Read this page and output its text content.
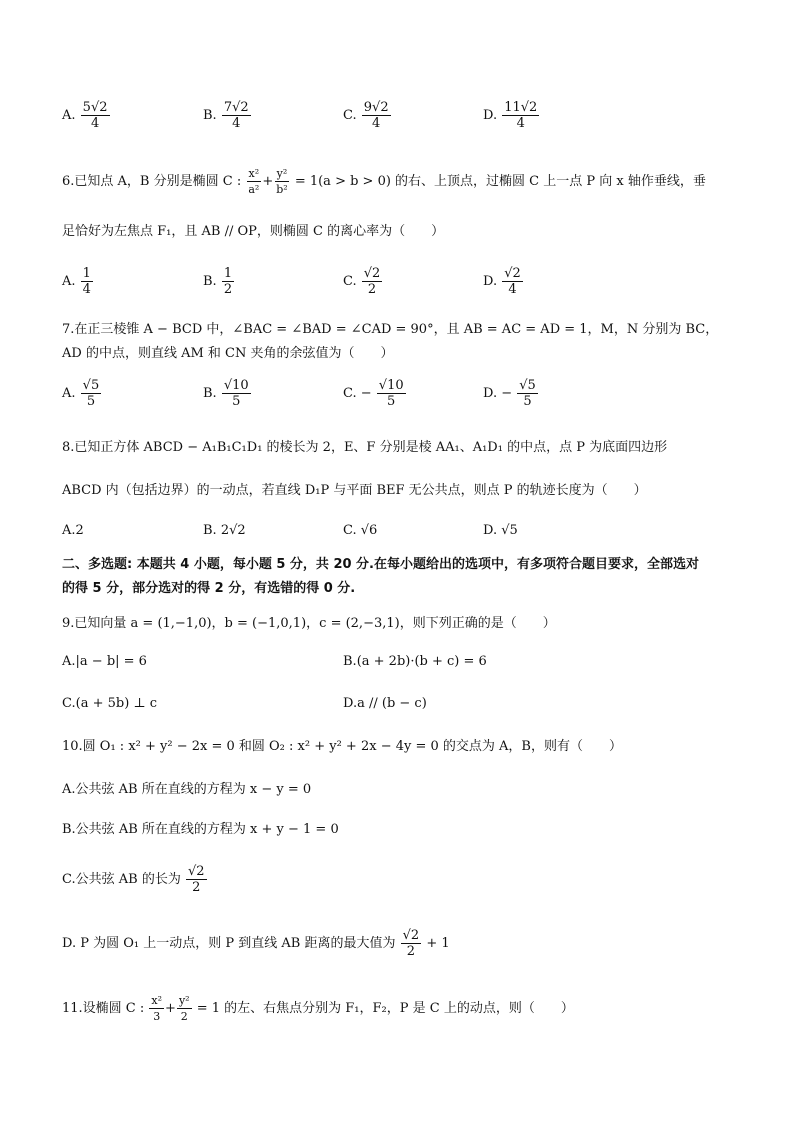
A. $\frac{5√2}{4}$	B. $\frac{7√2}{4}$	C. $\frac{9√2}{4}$	D. $\frac{11√2}{4}$
6.已知点 A，B 分别是椭圆 C : $\frac{\text{x²}}{\text{a²}} + \frac{\text{y²}}{\text{b²}} = 1(a > b > 0)$ 的右、上顶点，过椭圆 C 上一点 P 向 x 轴作垂线，垂
足恰好为左焦点 F₁，且 AB // OP，则椭圆 C 的离心率为（　　）
A. $\frac{1}{4}$	B. $\frac{1}{2}$	C. $\frac{√2}{2}$	D. $\frac{√2}{4}$
7.在正三棱锥 A − BCD 中，∠BAC = ∠BAD = ∠CAD = 90°，且 AB = AC = AD = 1，M，N 分别为 BC，
AD 的中点，则直线 AM 和 CN 夹角的余弦值为（　　）
A. $\frac{√5}{5}$	B. $\frac{√10}{5}$	C. − $\frac{√10}{5}$	D. − $\frac{√5}{5}$
8.已知正方体 ABCD − A₁B₁C₁D₁ 的棱长为 2，E、F 分别是棱 AA₁、A₁D₁ 的中点，点 P 为底面四边形
ABCD 内（包括边界）的一动点，若直线 D₁P 与平面 BEF 无公共点，则点 P 的轨迹长度为（　　）
A.2	B. 2√2	C. √6	D. √5
二、多选题: 本题共 4 小题，每小题 5 分，共 20 分.在每小题给出的选项中，有多项符合题目要求，全部选对
的得 5 分，部分选对的得 2 分，有选错的得 0 分.
9.已知向量 a = (1,−1,0)，b = (−1,0,1)，c = (2,−3,1)，则下列正确的是（　　）
A.|a − b| = 6	B.(a + 2b)·(b + c) = 6
C.(a + 5b) ⊥ c	D.a // (b − c)
10.圆 O₁ : x² + y² − 2x = 0 和圆 O₂ : x² + y² + 2x − 4y = 0 的交点为 A，B，则有（　　）
A.公共弦 AB 所在直线的方程为 x − y = 0
B.公共弦 AB 所在直线的方程为 x + y − 1 = 0
C.公共弦 AB 的长为 $\frac{√2}{2}$
D. P 为圆 O₁ 上一动点，则 P 到直线 AB 距离的最大值为 $\frac{√2}{2} + 1$
11.设椭圆 C : $\frac{\text{x²}}{3} + \frac{\text{y²}}{2} = 1$ 的左、右焦点分别为 F₁，F₂，P 是 C 上的动点，则（　　）
